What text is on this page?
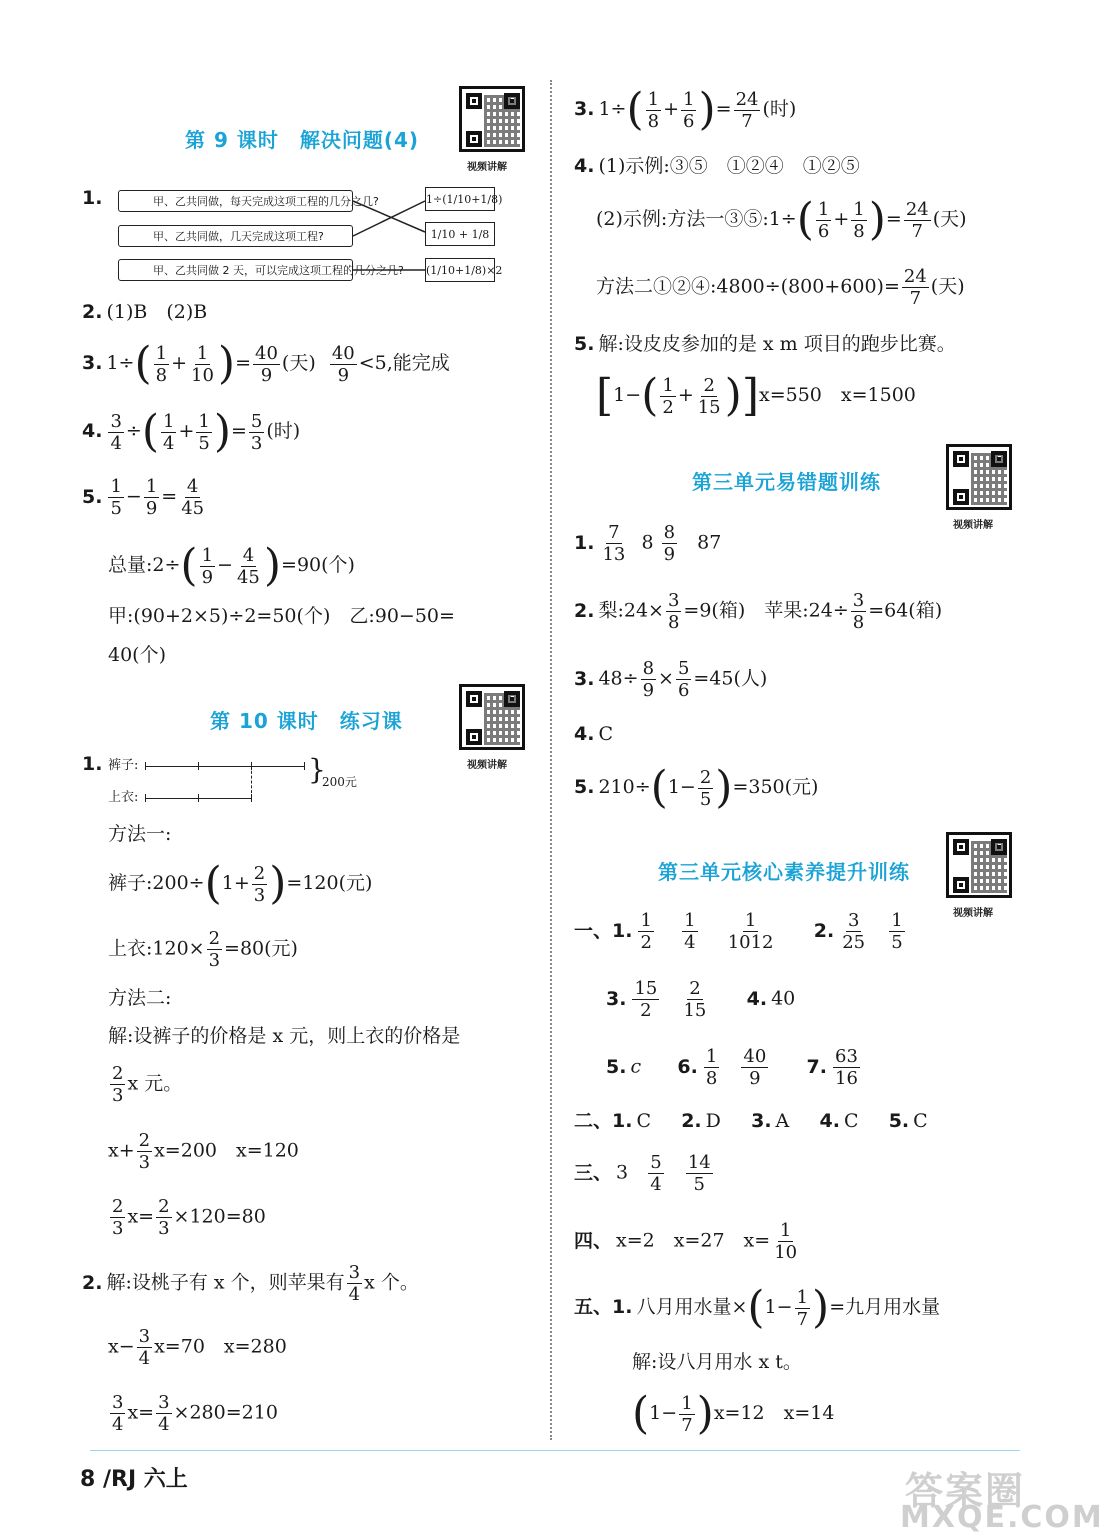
第 9 课时　解决问题(4)
视频讲解
1.	甲、乙共同做，每天完成这项工程的几分之几?
甲、乙共同做，几天完成这项工程?
甲、乙共同做 2 天，可以完成这项工程的几分之几?
1÷(1/10+1/8)
1/10 + 1/8
(1/10+1/8)×2
2. (1)B　(2)B
3. $1\div( \frac{1}{8} + \frac{1}{10}$ )= $\frac{40}{9}$ (天) $\frac{40}{9} <5$,能完成
4. $\frac{3}{4}$ ÷( $\frac{1}{4} + \frac{1}{5}$ )= $\frac{5}{3}$ (时)
5. $\frac{1}{5} - \frac{1}{9} = \frac{4}{45}$
总量:2÷( $\frac{1}{9} - \frac{4}{45} )=90$(个)
甲:(90+2×5)÷2=50(个)　乙:90−50=
40(个)
第 10 课时　练习课
视频讲解
1. 裤子:
上衣:
}
200元
方法一:
裤子:200÷(1+ $\frac{2}{3} )=120$(元)
上衣:120× $\frac{2}{3} =80$(元)
方法二:
解:设裤子的价格是 x 元，则上衣的价格是
$\frac{2}{3}$ x 元。
$x+ \frac{2}{3} x=200$　x=120
$\frac{2}{3} x= \frac{2}{3} \times 120=80$
2. 解:设桃子有 x 个，则苹果有 $\frac{3}{4}$ x 个。
$x- \frac{3}{4} x=70$　x=280
$\frac{3}{4} x= \frac{3}{4} \times 280=210$
3. $1\div( \frac{1}{8} + \frac{1}{6}$ )= $\frac{24}{7}$ (时)
4. (1)示例:③⑤　①②④　①②⑤
(2)示例:方法一③⑤:1÷( $\frac{1}{6} + \frac{1}{8}$ )= $\frac{24}{7}$ (天)
方法二①②④:4800÷(800+600)= $\frac{24}{7}$ (天)
5. 解:设皮皮参加的是 x m 项目的跑步比赛。
$[1-( \frac{1}{2} + \frac{2}{15} )]x=550$　x=1500
第三单元易错题训练
视频讲解
1. $\frac{7}{13} 8 \frac{8}{9} 87$
2. 梨:24× $\frac{3}{8} =9$(箱)　苹果:24÷ $\frac{3}{8} =64$(箱)
3. $48\div \frac{8}{9} \times \frac{5}{6} =45$(人)
4. C
5. $210\div(1- \frac{2}{5} )=350$(元)
第三单元核心素养提升训练
视频讲解
一、1. $\frac{1}{2}$
$\frac{1}{4}$
$\frac{1}{1012} 2$. $\frac{3}{25}$
$\frac{1}{5}$
3. $\frac{15}{2}$
$\frac{2}{15} 4$. 40
5. c 6. $\frac{1}{8}$
$\frac{40}{9} 7$. $\frac{63}{16}$
二、1. C 2. D 3. A 4. C 5. C
三、 $3 \frac{5}{4}$
$\frac{14}{5}$
四、 x=2　x=27　$x= \frac{1}{10}$
五、1. 八月用水量$\times(1- \frac{1}{7}$ )=九月用水量
解:设八月用水 x t。
$(1- \frac{1}{7} )x=12$　x=14
8 /RJ 六上	答案圈
MXQE.COM
